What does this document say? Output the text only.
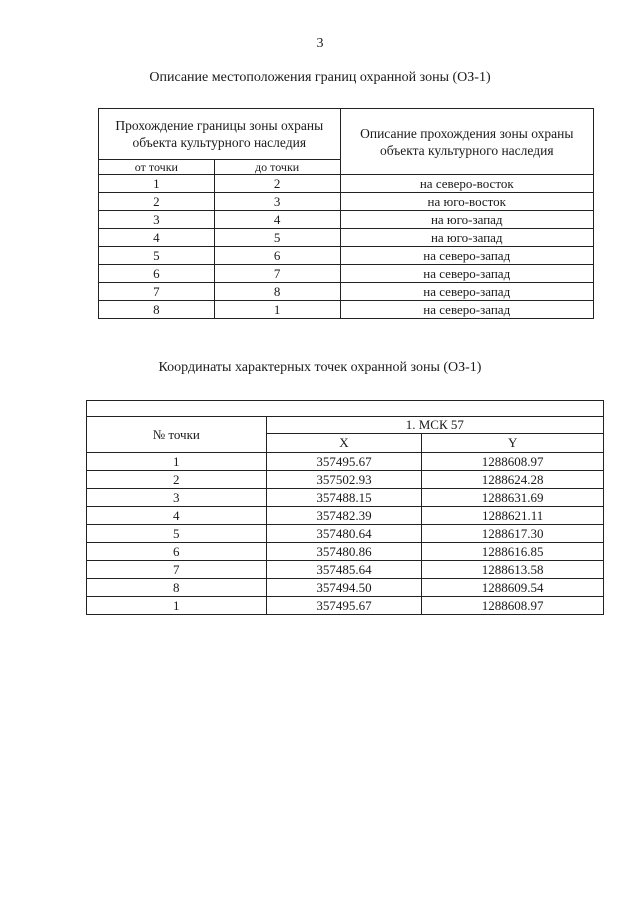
3
Описание местоположения границ охранной зоны (ОЗ-1)
Прохождение границы зоны охраны объекта культурного наследия		Описание прохождения зоны охраны объекта культурного наследия
от точки	до точки	
1	2	на северо-восток
2	3	на юго-восток
3	4	на юго-запад
4	5	на юго-запад
5	6	на северо-запад
6	7	на северо-запад
7	8	на северо-запад
8	1	на северо-запад
Координаты характерных точек охранной зоны (ОЗ-1)

№ точки	1. МСК 57	
	X	Y
1	357495.67	1288608.97
2	357502.93	1288624.28
3	357488.15	1288631.69
4	357482.39	1288621.11
5	357480.64	1288617.30
6	357480.86	1288616.85
7	357485.64	1288613.58
8	357494.50	1288609.54
1	357495.67	1288608.97
